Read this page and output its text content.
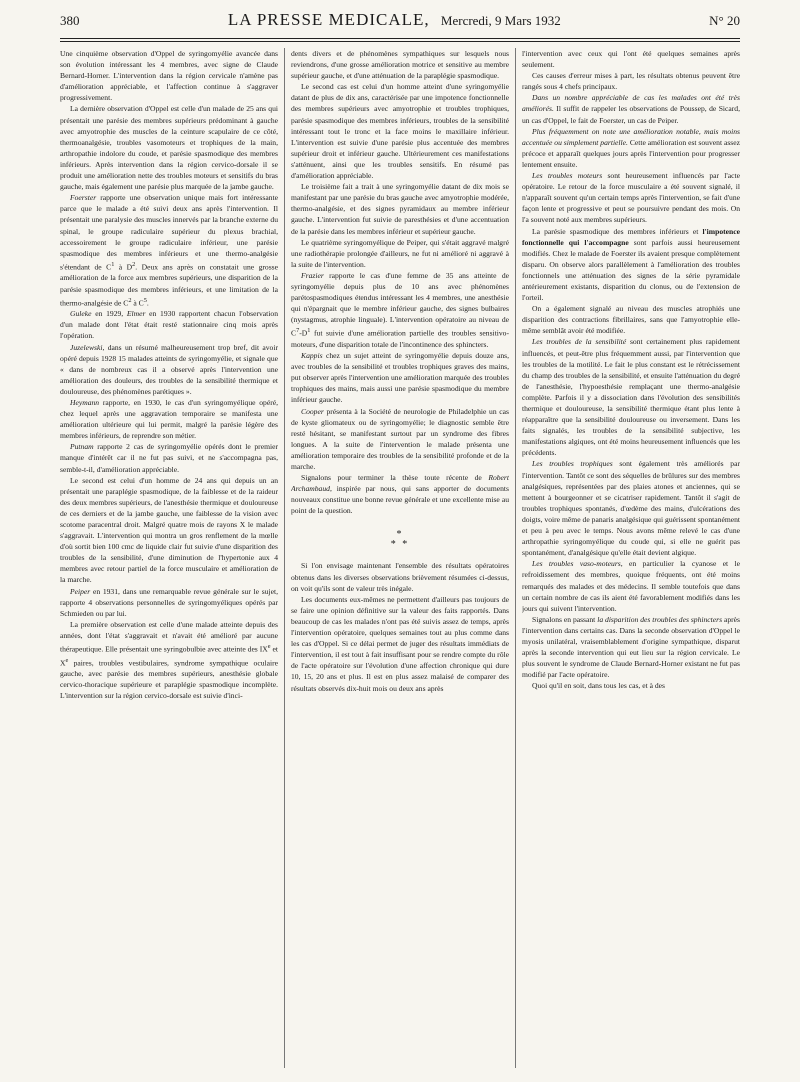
380	LA PRESSE MEDICALE, Mercredi, 9 Mars 1932	N° 20

Une cinquième observation d'Oppel de syringomyélie avancée dans son évolution intéressant les 4 membres, avec signe de Claude Bernard-Horner. L'intervention dans la région cervicale n'amène pas d'amélioration appréciable, et l'affection continue à s'aggraver progressivement.

La dernière observation d'Oppel est celle d'un malade de 25 ans qui présentait une parésie des membres supérieurs prédominant à gauche avec amyotrophie des muscles de la ceinture scapulaire de ce côté, thermoanalgésie, troubles vasomoteurs et trophiques de la main, arthropathie indolore du coude, et parésie spasmodique des membres inférieurs. Après intervention dans la région cervico-dorsale il se produit une amélioration nette des troubles moteurs et sensitifs du bras gauche, mais également une parésie plus marquée de la jambe gauche.

Foerster rapporte une observation unique mais fort intéressante parce que le malade a été suivi deux ans après l'intervention. Il présentait une paralysie des muscles innervés par la branche externe du spinal, le groupe radiculaire supérieur du plexus brachial, accessoirement le groupe radiculaire inférieur, une parésie spasmodique des membres inférieurs et une thermo-analgésie s'étendant de $C^1$ à $D^2$. Deux ans après on constatait une grosse amélioration de la force aux membres supérieurs, une disparition de la parésie spasmodique des membres inférieurs, et une limitation de la thermo-analgésie de $C^2$ à $C^5$.

Guleke en 1929, Elmer en 1930 rapportent chacun l'observation d'un malade dont l'état était resté stationnaire cinq mois après l'opération.

Juzelewski, dans un résumé malheureusement trop bref, dit avoir opéré depuis 1928 15 malades atteints de syringomyélie, et signale que « dans de nombreux cas il a observé après l'intervention une amélioration des douleurs, des troubles de la sensibilité thermique et douloureuse, des phénomènes parétiques ».

Heymann rapporte, en 1930, le cas d'un syringomyélique opéré, chez lequel après une aggravation temporaire se manifesta une amélioration ultérieure qui lui permit, malgré la parésie légère des membres inférieurs, de reprendre son métier.

Putnam rapporte 2 cas de syringomyélie opérés dont le premier manque d'intérêt car il ne fut pas suivi, et ne s'accompagna pas, semble-t-il, d'amélioration appréciable.

Le second est celui d'un homme de 24 ans qui depuis un an présentait une paraplégie spasmodique, de la faiblesse et de la raideur des deux membres supérieurs, de l'anesthésie thermique et douloureuse de ces derniers et de la jambe gauche, une faiblesse de la vision avec scotome paracentral droit. Malgré quatre mois de rayons X le malade s'aggravait. L'intervention qui montra un gros renflement de la mœlle d'où sortit bien 100 cmc de liquide clair fut suivie d'une disparition des troubles de la sensibilité, d'une diminution de l'hypertonie aux 4 membres avec retour partiel de la force musculaire et amélioration de la marche.

Peiper en 1931, dans une remarquable revue générale sur le sujet, rapporte 4 observations personnelles de syringomyéliques opérés par Schmieden ou par lui.

La première observation est celle d'une malade atteinte depuis des années, dont l'état s'aggravait et n'avait été amélioré par aucune thérapeutique. Elle présentait une syringobulbie avec atteinte des IXe et Xe paires, troubles vestibulaires, syndrome sympathique oculaire gauche, avec parésie des membres supérieurs, anesthésie globale cervico-thoracique supérieure et paraplégie spasmodique incomplète. L'intervention sur la région cervico-dorsale est suivie d'inci-

dents divers et de phénomènes sympathiques sur lesquels nous reviendrons, d'une grosse amélioration motrice et sensitive au membre supérieur gauche, et d'une atténuation de la paraplégie spasmodique.

Le second cas est celui d'un homme atteint d'une syringomyélie datant de plus de dix ans, caractérisée par une impotence fonctionnelle des membres supérieurs avec amyotrophie et troubles trophiques, parésie spasmodique des membres inférieurs, troubles de la sensibilité intéressant tout le tronc et la face moins le maxillaire inférieur. L'intervention est suivie d'une parésie plus accentuée des membres supérieur droit et inférieur gauche. Ultérieurement ces manifestations s'atténuent, ainsi que les troubles sensitifs. En résumé pas d'amélioration appréciable.

Le troisième fait a trait à une syringomyélie datant de dix mois se manifestant par une parésie du bras gauche avec amyotrophie modérée, thermo-analgésie, et des signes pyramidaux au membre inférieur gauche. L'intervention fut suivie de paresthésies et d'une accentuation de la parésie dans les membres inférieur et supérieur gauche.

Le quatrième syringomyélique de Peiper, qui s'était aggravé malgré une radiothérapie prolongée d'ailleurs, ne fut ni amélioré ni aggravé à la suite de l'intervention.

Frazier rapporte le cas d'une femme de 35 ans atteinte de syringomyélie depuis plus de 10 ans avec phénomènes parétospasmodiques étendus intéressant les 4 membres, une anesthésie qui n'épargnait que le membre inférieur gauche, des signes bulbaires (nystagmus, atrophie linguale). L'intervention opératoire au niveau de $C^7-D^1$ fut suivie d'une amélioration partielle des troubles sensitivo-moteurs, d'une disparition totale de l'incontinence des sphincters.

Kappis chez un sujet atteint de syringomyélie depuis douze ans, avec troubles de la sensibilité et troubles trophiques graves des mains, put observer après l'intervention une amélioration marquée des troubles trophiques des mains, mais aussi une parésie spasmodique du membre inférieur gauche.

Cooper présenta à la Société de neurologie de Philadelphie un cas de kyste gliomateux ou de syringomyélie; le diagnostic semble être resté hésitant, se manifestant surtout par un syndrome des fibres longues. A la suite de l'intervention le malade présenta une amélioration temporaire des troubles de la sensibilité profonde et de la marche.

Signalons pour terminer la thèse toute récente de Robert Archambaud, inspirée par nous, qui sans apporter de documents nouveaux constitue une bonne revue générale et une excellente mise au point de la question.

*
* *

Si l'on envisage maintenant l'ensemble des résultats opératoires obtenus dans les diverses observations brièvement résumées ci-dessus, on voit qu'ils sont de valeur très inégale.

Les documents eux-mêmes ne permettent d'ailleurs pas toujours de se faire une opinion définitive sur la valeur des faits rapportés. Dans beaucoup de cas les malades n'ont pas été suivis assez de temps, après l'intervention opératoire, quelques semaines tout au plus comme dans les cas d'Oppel. Si ce délai permet de juger des résultats immédiats de l'intervention, il est tout à fait insuffisant pour se rendre compte du rôle de l'acte opératoire sur l'évolution d'une affection chronique qui dure 10, 15, 20 ans et plus. Il est en plus assez malaisé de comparer des résultats observés dix-huit mois ou deux ans après

l'intervention avec ceux qui l'ont été quelques semaines après seulement.

Ces causes d'erreur mises à part, les résultats obtenus peuvent être rangés sous 4 chefs principaux.

Dans un nombre appréciable de cas les malades ont été très améliorés. Il suffit de rappeler les observations de Poussep, de Sicard, un cas d'Oppel, le fait de Foerster, un cas de Peiper.

Plus fréquemment on note une amélioration notable, mais moins accentuée ou simplement partielle. Cette amélioration est souvent assez précoce et apparaît quelques jours après l'intervention pour progresser lentement ensuite.

Les troubles moteurs sont heureusement influencés par l'acte opératoire. Le retour de la force musculaire a été souvent signalé, il n'apparaît souvent qu'un certain temps après l'intervention, se fait d'une façon lente et progressive et peut se poursuivre pendant des mois. On l'a souvent noté aux membres supérieurs.

La parésie spasmodique des membres inférieurs et l'impotence fonctionnelle qui l'accompagne sont parfois aussi heureusement modifiés. Chez le malade de Foerster ils avaient presque complètement disparu. On observe alors parallèlement à l'amélioration des troubles fonctionnels une atténuation des signes de la série pyramidale antérieurement existants, disparition du clonus, ou de l'extension de l'orteil.

On a également signalé au niveau des muscles atrophiés une disparition des contractions fibrillaires, sans que l'amyotrophie elle-même semblât avoir été modifiée.

Les troubles de la sensibilité sont certainement plus rapidement influencés, et peut-être plus fréquemment aussi, par l'intervention que les troubles de la motilité. Le fait le plus constant est le rétrécissement du champ des troubles de la sensibilité, et ensuite l'atténuation du degré de l'anesthésie, l'hypoesthésie remplaçant une thermo-analgésie complète. Parfois il y a dissociation dans l'évolution des sensibilités thermique et douloureuse, la sensibilité thermique étant plus lente à réapparaître que la sensibilité douloureuse ou inversement. Dans les faits signalés, les troubles de la sensibilité subjective, les manifestations algiques, ont été moins heureusement influencés que les précédents.

Les troubles trophiques sont également très améliorés par l'intervention. Tantôt ce sont des séquelles de brûlures sur des membres analgésiques, représentées par des plaies atones et anciennes, qui se mettent à bourgeonner et se cicatriser rapidement. Tantôt il s'agit de troubles trophiques spontanés, d'œdème des mains, d'ulcérations des doigts, voire même de panaris analgésique qui guérissent spontanément et peu à peu avec le temps. Nous avons même relevé le cas d'une arthropathie syringomyélique du coude qui, si elle ne guérit pas spontanément, d'analgésique qu'elle était devient algique.

Les troubles vaso-moteurs, en particulier la cyanose et le refroidissement des membres, quoique fréquents, ont été moins remarqués des malades et des médecins. Il semble toutefois que dans un certain nombre de cas ils aient été favorablement modifiés dans les jours qui suivent l'intervention.

Signalons en passant la disparition des troubles des sphincters après l'intervention dans certains cas. Dans la seconde observation d'Oppel le myosis unilatéral, vraisemblablement d'origine sympathique, disparut après la seconde intervention qui eut lieu sur la région cervicale. Le plus souvent le syndrome de Claude Bernard-Horner existant ne fut pas modifié par l'acte opératoire.

Quoi qu'il en soit, dans tous les cas, et à des
